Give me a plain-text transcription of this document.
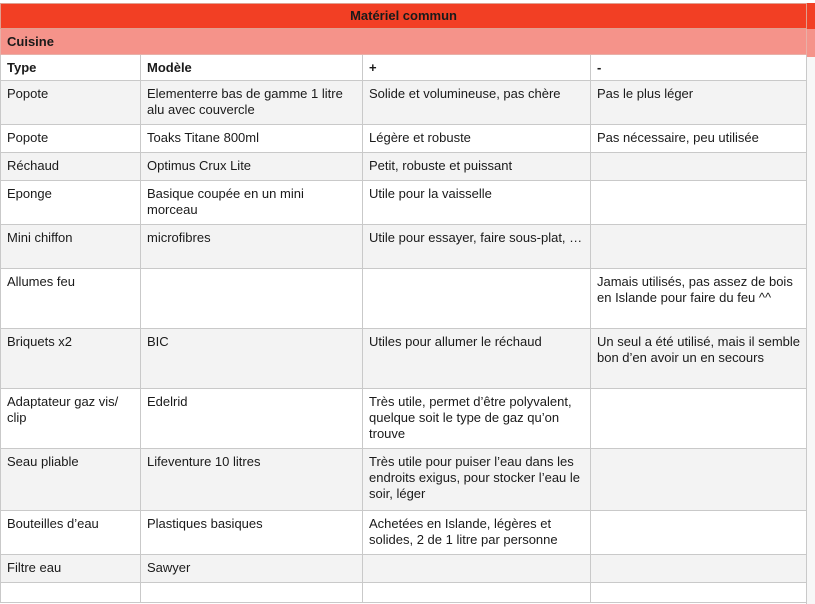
Matériel commun			
Cuisine			
Type	Modèle	+	-
Popote	Elementerre bas de gamme 1 litre alu avec couvercle	Solide et volumineuse, pas chère	Pas le plus léger
Popote	Toaks Titane 800ml	Légère et robuste	Pas nécessaire, peu utilisée
Réchaud	Optimus Crux Lite	Petit, robuste et puissant	
Eponge	Basique coupée en un mini morceau	Utile pour la vaisselle	
Mini chiffon	microfibres	Utile pour essayer, faire sous-plat, …	
Allumes feu			Jamais utilisés, pas assez de bois en Islande pour faire du feu ^^
Briquets x2	BIC	Utiles pour allumer le réchaud	Un seul a été utilisé, mais il semble bon d’en avoir un en secours
Adaptateur gaz vis/ clip	Edelrid	Très utile, permet d’être polyvalent, quelque soit le type de gaz qu’on trouve	
Seau pliable	Lifeventure 10 litres	Très utile pour puiser l’eau dans les endroits exigus, pour stocker l’eau le soir, léger	
Bouteilles d’eau	Plastiques basiques	Achetées en Islande, légères et solides, 2 de 1 litre par personne	
Filtre eau	Sawyer		
